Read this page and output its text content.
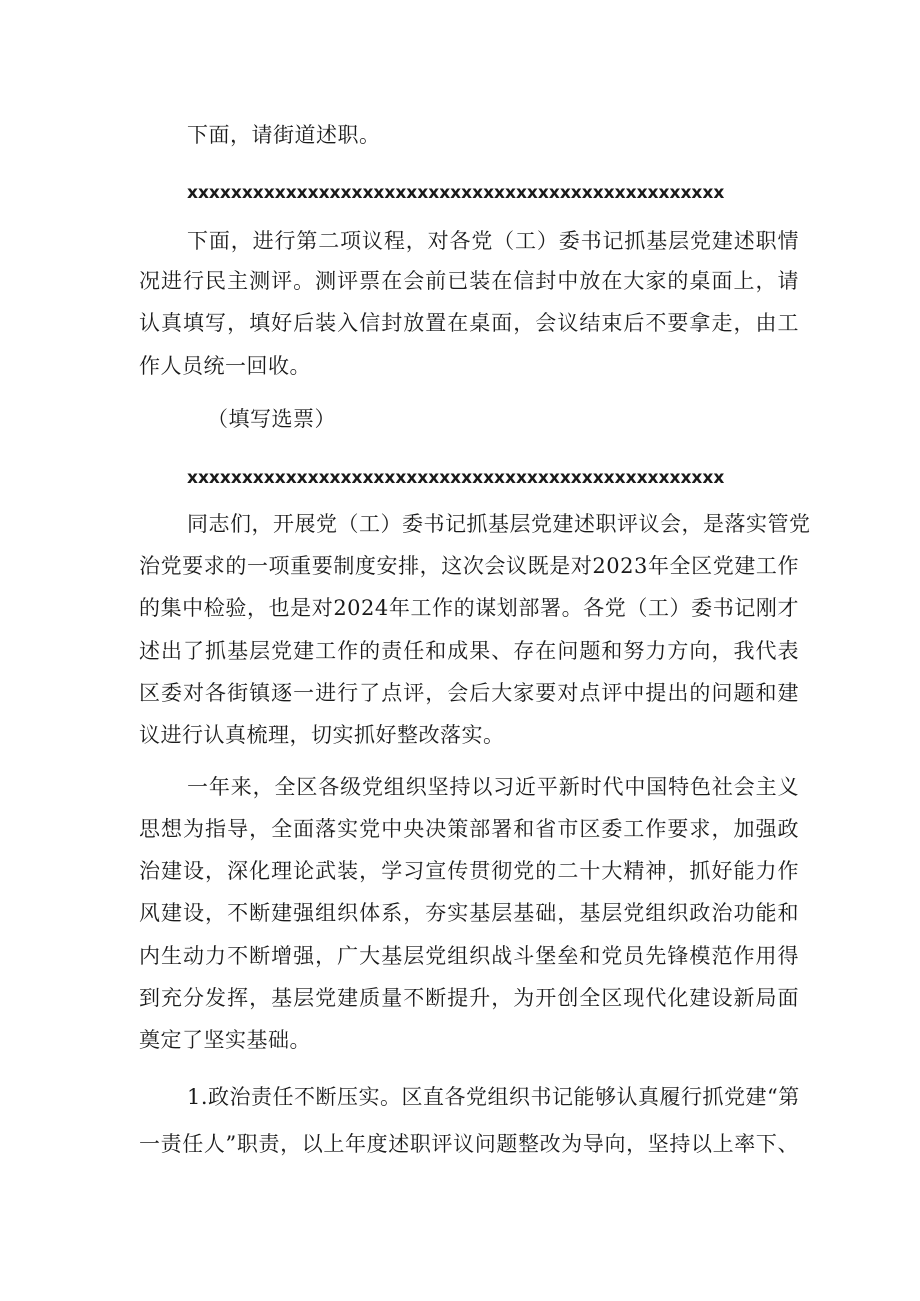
下面，请街道述职。
xxxxxxxxxxxxxxxxxxxxxxxxxxxxxxxxxxxxxxxxxxxxxxxxx
下面，进行第二项议程，对各党（工）委书记抓基层党建述职情
况进行民主测评。测评票在会前已装在信封中放在大家的桌面上，请
认真填写，填好后装入信封放置在桌面，会议结束后不要拿走，由工
作人员统一回收。
（填写选票）
xxxxxxxxxxxxxxxxxxxxxxxxxxxxxxxxxxxxxxxxxxxxxxxxx
同志们，开展党（工）委书记抓基层党建述职评议会，是落实管党
治党要求的一项重要制度安排，这次会议既是对2023年全区党建工作
的集中检验，也是对2024年工作的谋划部署。各党（工）委书记刚才
述出了抓基层党建工作的责任和成果、存在问题和努力方向，我代表
区委对各街镇逐一进行了点评，会后大家要对点评中提出的问题和建
议进行认真梳理，切实抓好整改落实。
一年来，全区各级党组织坚持以习近平新时代中国特色社会主义
思想为指导，全面落实党中央决策部署和省市区委工作要求，加强政
治建设，深化理论武装，学习宣传贯彻党的二十大精神，抓好能力作
风建设，不断建强组织体系，夯实基层基础，基层党组织政治功能和
内生动力不断增强，广大基层党组织战斗堡垒和党员先锋模范作用得
到充分发挥，基层党建质量不断提升，为开创全区现代化建设新局面
奠定了坚实基础。
1.政治责任不断压实。区直各党组织书记能够认真履行抓党建“第
一责任人”职责，以上年度述职评议问题整改为导向，坚持以上率下、
